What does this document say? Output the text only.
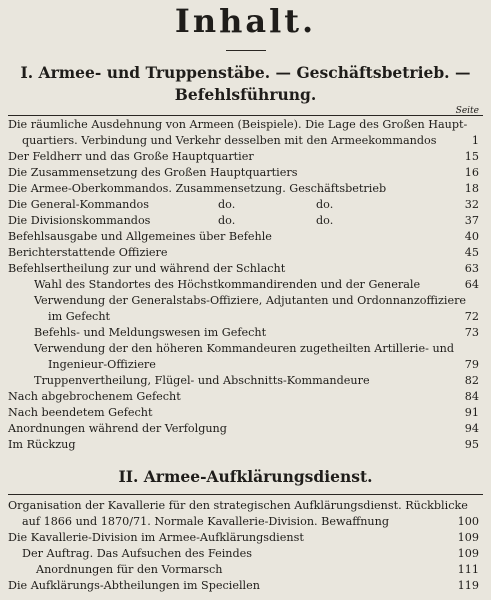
Inhalt.
I. Armee- und Truppenstäbe. — Geschäftsbetrieb. —
Befehlsführung.
Seite
Die räumliche Ausdehnung von Armeen (Beispiele). Die Lage des Großen Haupt-
quartiers. Verbindung und Verkehr desselben mit den Armeekommandos	1
Der Feldherr und das Große Hauptquartier	15
Die Zusammensetzung des Großen Hauptquartiers	16
Die Armee-Oberkommandos. Zusammensetzung. Geschäftsbetrieb	18
Die General-Kommandos	do.	do.	32
Die Divisionskommandos	do.	do.	37
Befehlsausgabe und Allgemeines über Befehle	40
Berichterstattende Offiziere	45
Befehlsertheilung zur und während der Schlacht	63
Wahl des Standortes des Höchstkommandirenden und der Generale	64
Verwendung der Generalstabs-Offiziere, Adjutanten und Ordonnanzoffiziere
im Gefecht	72
Befehls- und Meldungswesen im Gefecht	73
Verwendung der den höheren Kommandeuren zugetheilten Artillerie- und
Ingenieur-Offiziere	79
Truppenvertheilung, Flügel- und Abschnitts-Kommandeure	82
Nach abgebrochenem Gefecht	84
Nach beendetem Gefecht	91
Anordnungen während der Verfolgung	94
Im Rückzug	95
II. Armee-Aufklärungsdienst.
Organisation der Kavallerie für den strategischen Aufklärungsdienst. Rückblicke
auf 1866 und 1870/71. Normale Kavallerie-Division. Bewaffnung	100
Die Kavallerie-Division im Armee-Aufklärungsdienst	109
Der Auftrag. Das Aufsuchen des Feindes	109
Anordnungen für den Vormarsch	111
Die Aufklärungs-Abtheilungen im Speciellen	119
